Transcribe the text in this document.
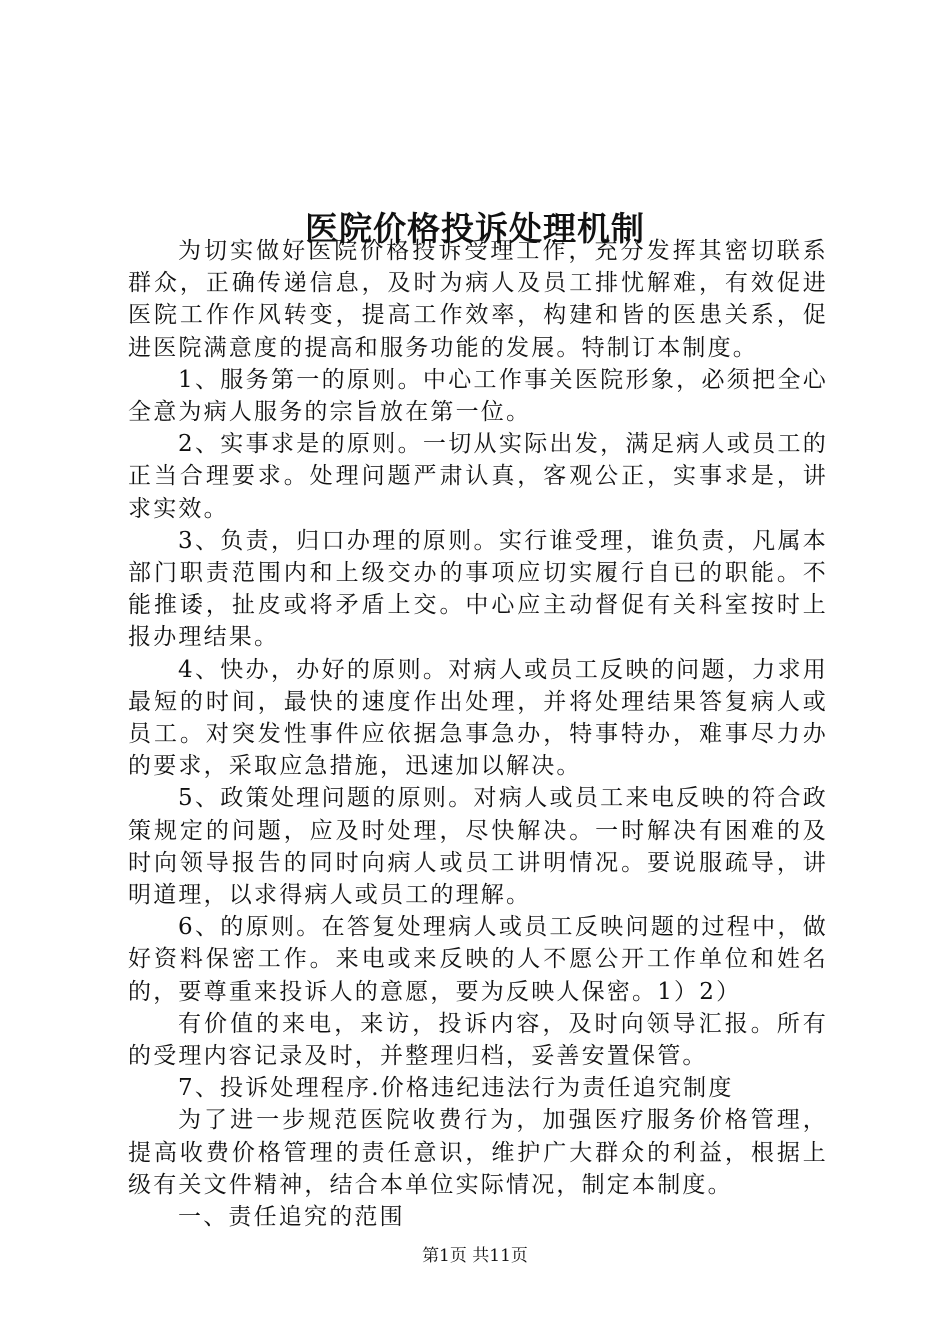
医院价格投诉处理机制

为切实做好医院价格投诉受理工作，充分发挥其密切联系群众，正确传递信息，及时为病人及员工排忧解难，有效促进医院工作作风转变，提高工作效率，构建和皆的医患关系，促进医院满意度的提高和服务功能的发展。特制订本制度。

1、服务第一的原则。中心工作事关医院形象，必须把全心全意为病人服务的宗旨放在第一位。

2、实事求是的原则。一切从实际出发，满足病人或员工的正当合理要求。处理问题严肃认真，客观公正，实事求是，讲求实效。

3、负责，归口办理的原则。实行谁受理，谁负责，凡属本部门职责范围内和上级交办的事项应切实履行自已的职能。不能推诿，扯皮或将矛盾上交。中心应主动督促有关科室按时上报办理结果。

4、快办，办好的原则。对病人或员工反映的问题，力求用最短的时间，最快的速度作出处理，并将处理结果答复病人或员工。对突发性事件应依据急事急办，特事特办，难事尽力办的要求，采取应急措施，迅速加以解决。

5、政策处理问题的原则。对病人或员工来电反映的符合政策规定的问题，应及时处理，尽快解决。一时解决有困难的及时向领导报告的同时向病人或员工讲明情况。要说服疏导，讲明道理，以求得病人或员工的理解。

6、的原则。在答复处理病人或员工反映问题的过程中，做好资料保密工作。来电或来反映的人不愿公开工作单位和姓名的，要尊重来投诉人的意愿，要为反映人保密。1）2）

有价值的来电，来访，投诉内容，及时向领导汇报。所有的受理内容记录及时，并整理归档，妥善安置保管。

7、投诉处理程序.价格违纪违法行为责任追究制度

为了进一步规范医院收费行为，加强医疗服务价格管理，提高收费价格管理的责任意识，维护广大群众的利益，根据上级有关文件精神，结合本单位实际情况，制定本制度。

一、责任追究的范围

第1页 共11页
